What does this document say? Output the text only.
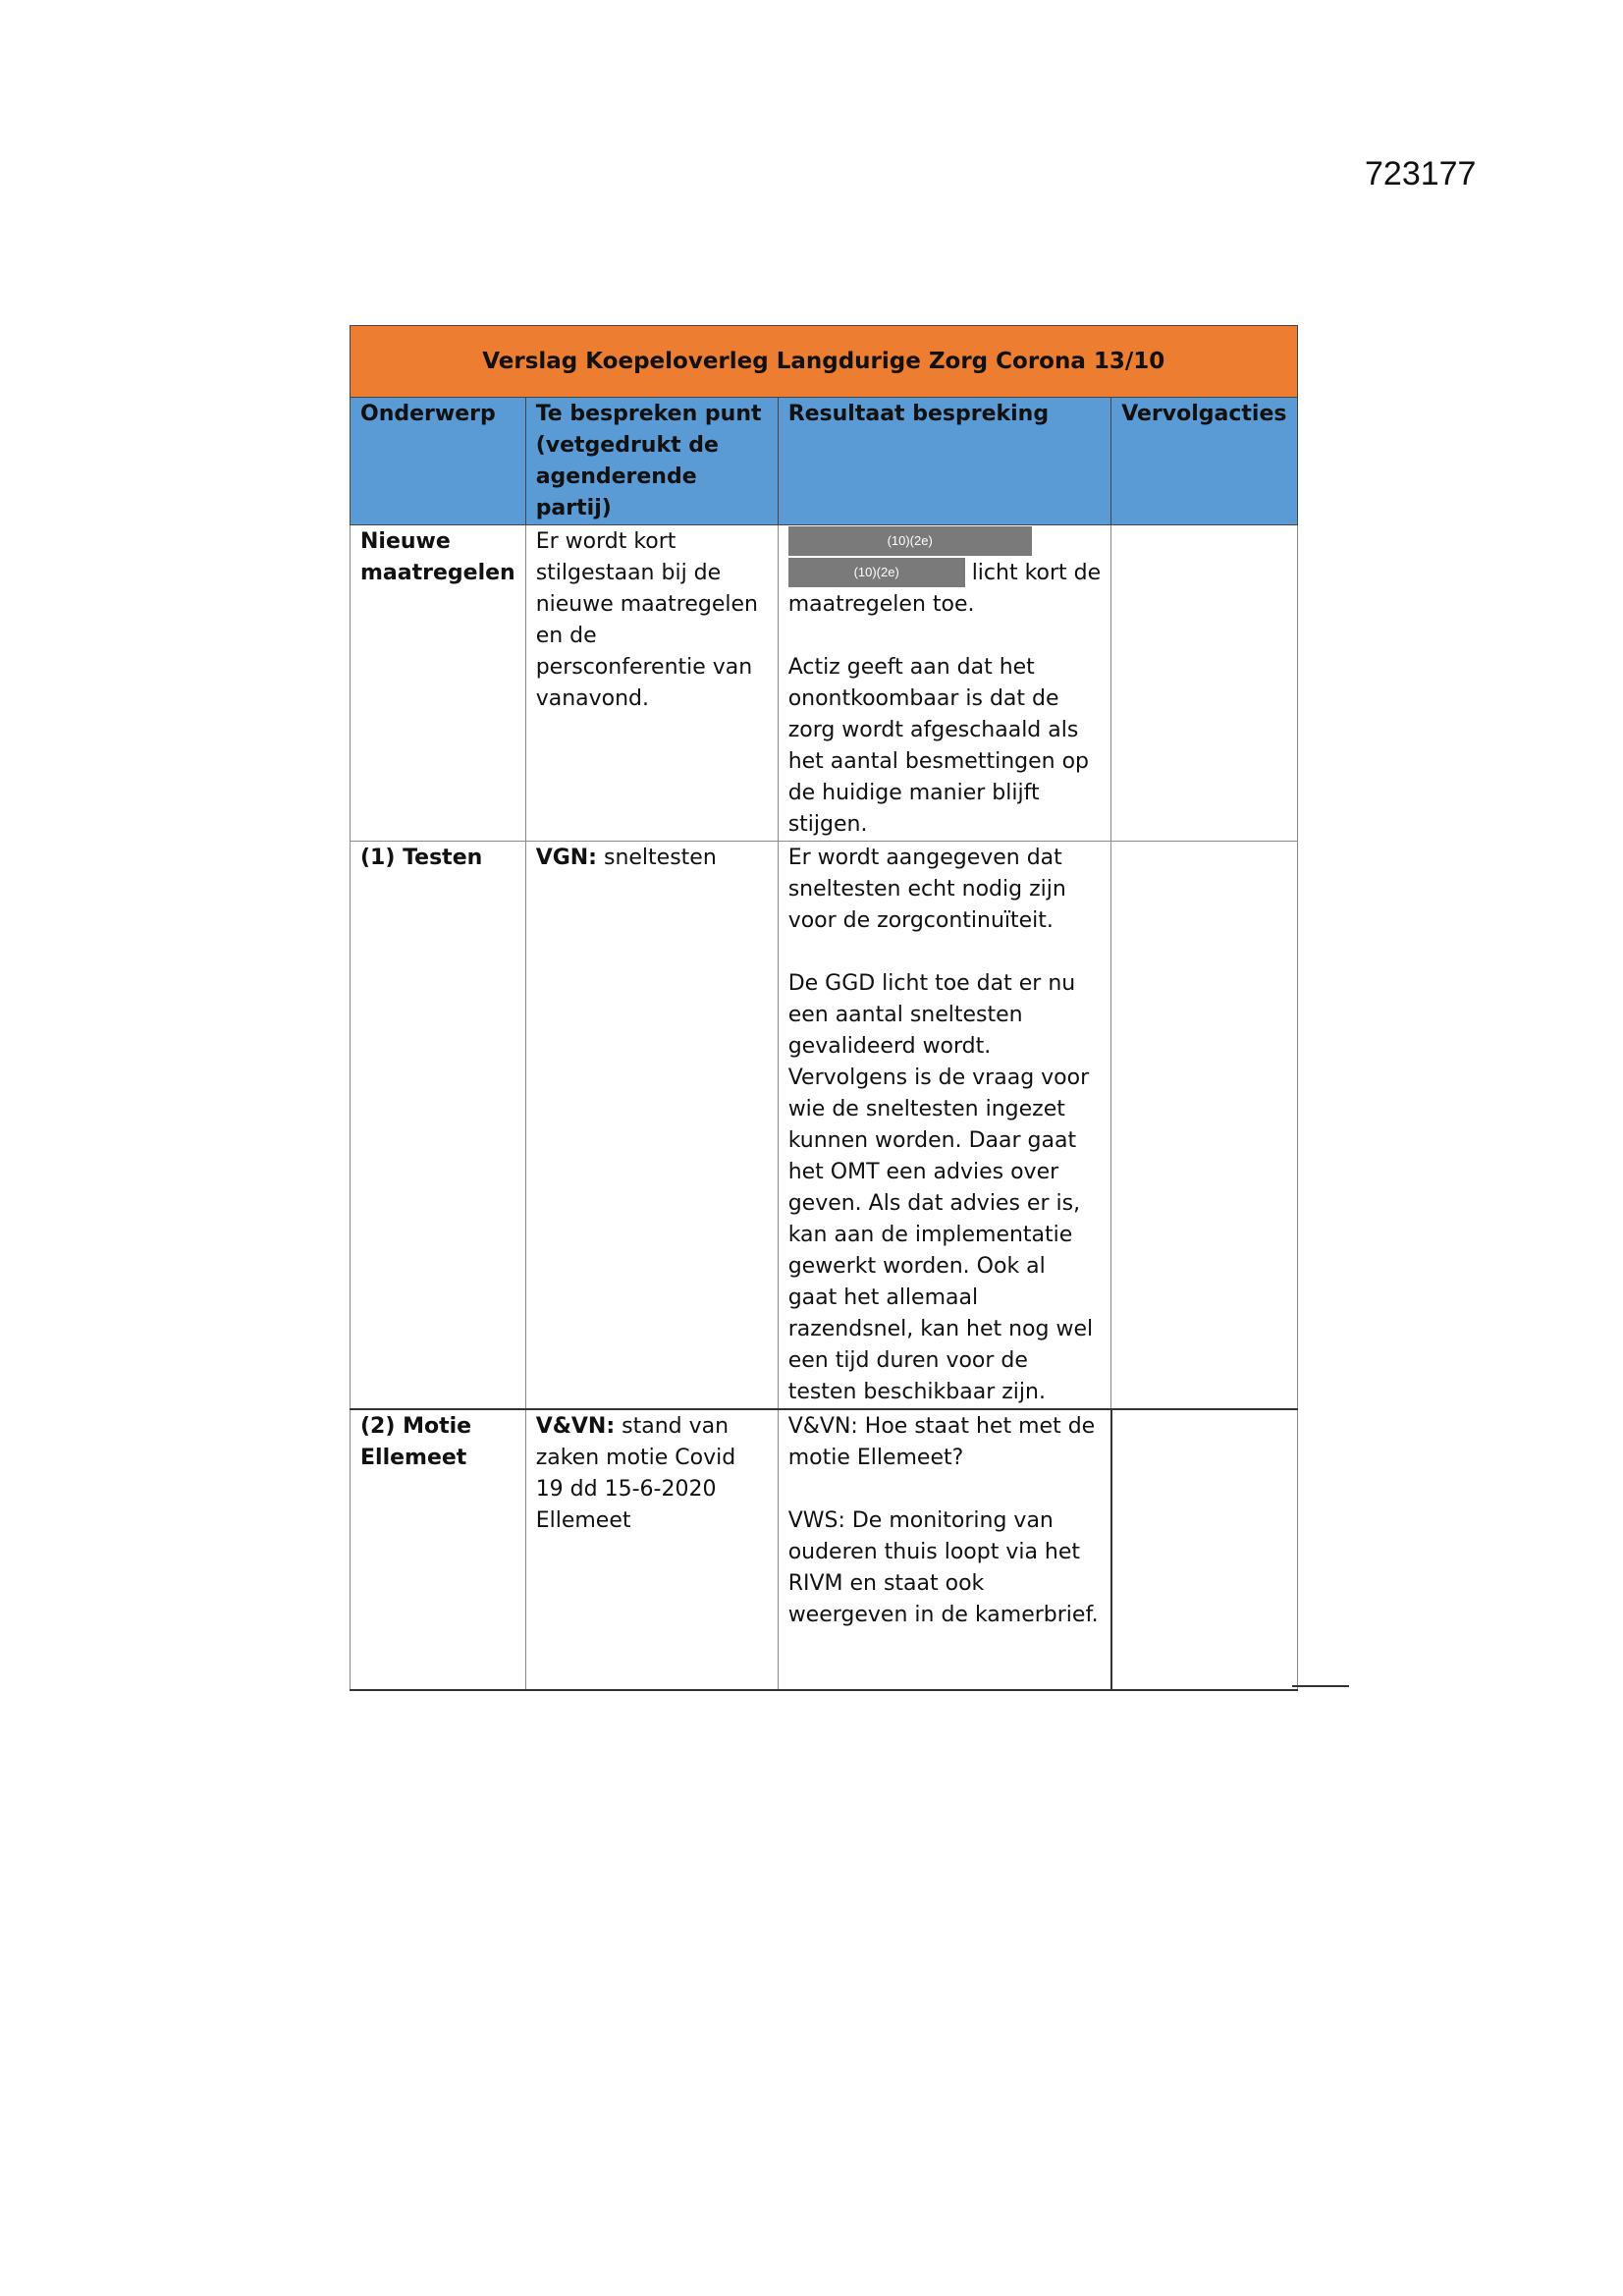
723177
Verslag Koepeloverleg Langdurige Zorg Corona 13/10			
Onderwerp	Te bespreken punt (vetgedrukt de agenderende partij)	Resultaat bespreking	Vervolgacties
Nieuwe maatregelen	Er wordt kort stilgestaan bij de nieuwe maatregelen en de persconferentie van vanavond.	(10)(2e)
(10)(2e) licht kort de maatregelen toe.
Actiz geeft aan dat het onontkoombaar is dat de zorg wordt afgeschaald als het aantal besmettingen op de huidige manier blijft stijgen.	

(1) Testen	VGN: sneltesten	Er wordt aangegeven dat sneltesten echt nodig zijn voor de zorgcontinuïteit.
De GGD licht toe dat er nu een aantal sneltesten gevalideerd wordt. Vervolgens is de vraag voor wie de sneltesten ingezet kunnen worden. Daar gaat het OMT een advies over geven. Als dat advies er is, kan aan de implementatie gewerkt worden. Ook al gaat het allemaal razendsnel, kan het nog wel een tijd duren voor de testen beschikbaar zijn.	

(2) Motie Ellemeet	V&VN: stand van zaken motie Covid 19 dd 15-6-2020 Ellemeet	V&VN: Hoe staat het met de motie Ellemeet?
VWS: De monitoring van ouderen thuis loopt via het RIVM en staat ook weergeven in de kamerbrief.	
